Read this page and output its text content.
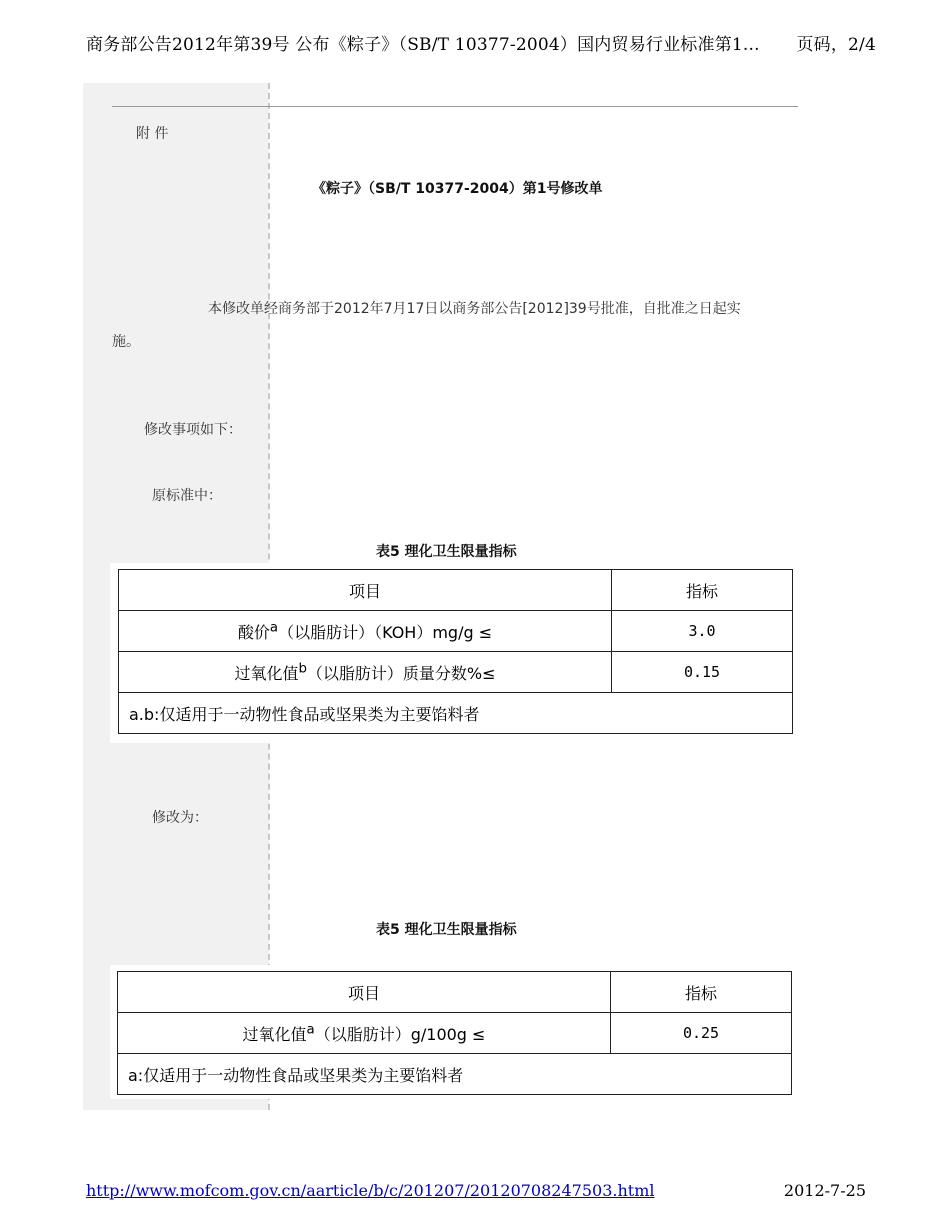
商务部公告2012年第39号 公布《粽子》（SB/T 10377-2004）国内贸易行业标准第1... 页码，2/4
附 件
《粽子》（SB/T 10377-2004）第1号修改单
本修改单经商务部于2012年7月17日以商务部公告[2012]39号批准，自批准之日起实
施。
修改事项如下：
原标准中：
表5 理化卫生限量指标
项目	指标
酸价$^a$（以脂肪计）（KOH）mg/g ≤	3.0
过氧化值$^b$（以脂肪计）质量分数%≤	0.15
a.b:仅适用于一动物性食品或坚果类为主要馅料者	
修改为：
表5 理化卫生限量指标
项目	指标
过氧化值$^a$（以脂肪计）g/100g ≤	0.25
a:仅适用于一动物性食品或坚果类为主要馅料者	
http://www.mofcom.gov.cn/aarticle/b/c/201207/20120708247503.html	2012-7-25
